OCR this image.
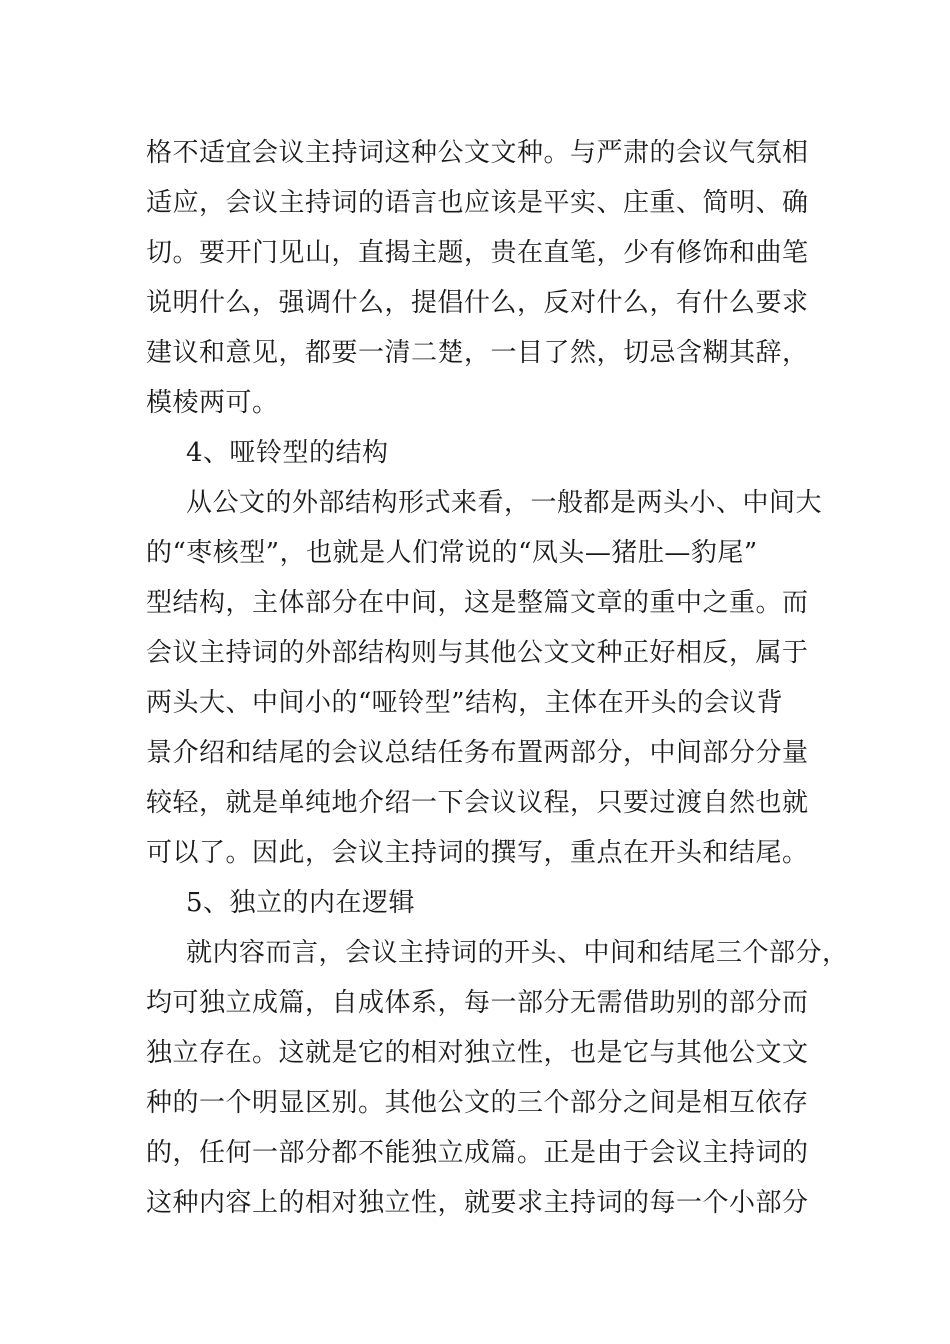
格不适宜会议主持词这种公文文种。与严肃的会议气氛相
适应，会议主持词的语言也应该是平实、庄重、简明、确
切。要开门见山，直揭主题，贵在直笔，少有修饰和曲笔
说明什么，强调什么，提倡什么，反对什么，有什么要求
建议和意见，都要一清二楚，一目了然，切忌含糊其辞，
模棱两可。
4、哑铃型的结构
从公文的外部结构形式来看，一般都是两头小、中间大
的“枣核型”，也就是人们常说的“凤头—猪肚—豹尾”
型结构，主体部分在中间，这是整篇文章的重中之重。而
会议主持词的外部结构则与其他公文文种正好相反，属于
两头大、中间小的“哑铃型”结构，主体在开头的会议背
景介绍和结尾的会议总结任务布置两部分，中间部分分量
较轻，就是单纯地介绍一下会议议程，只要过渡自然也就
可以了。因此，会议主持词的撰写，重点在开头和结尾。
5、独立的内在逻辑
就内容而言，会议主持词的开头、中间和结尾三个部分，
均可独立成篇，自成体系，每一部分无需借助别的部分而
独立存在。这就是它的相对独立性，也是它与其他公文文
种的一个明显区别。其他公文的三个部分之间是相互依存
的，任何一部分都不能独立成篇。正是由于会议主持词的
这种内容上的相对独立性，就要求主持词的每一个小部分
